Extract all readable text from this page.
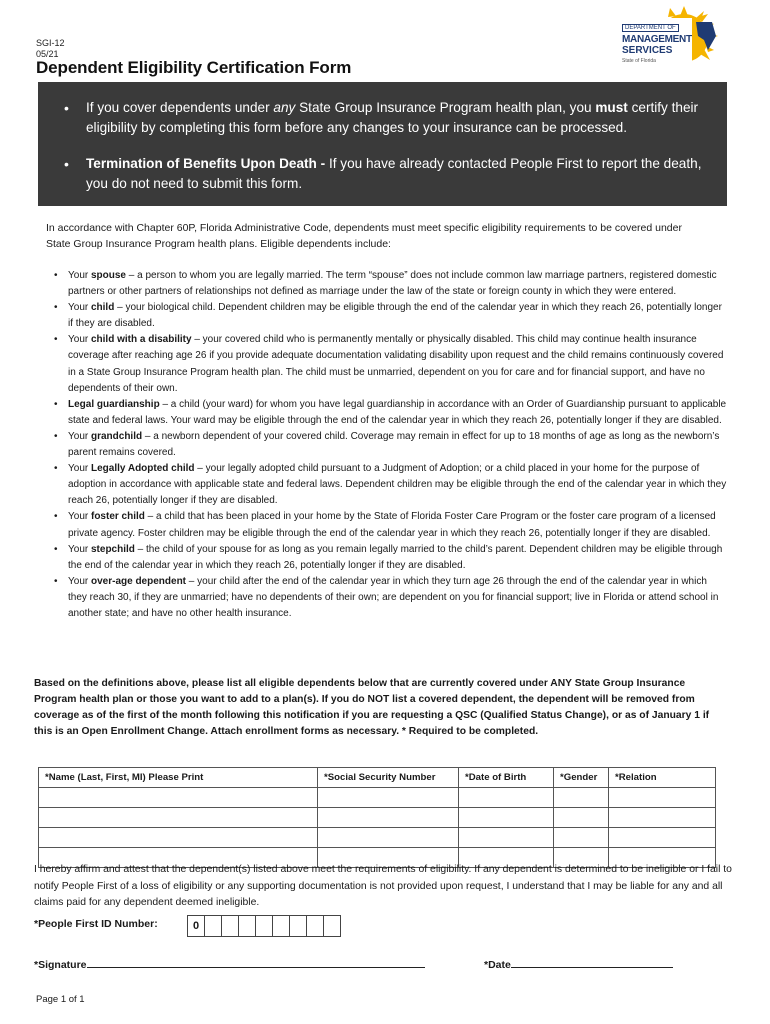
SGI-12
05/21
Dependent Eligibility Certification Form
DEPARTMENT OF
MANAGEMENT
SERVICES
State of Florida
• If you cover dependents under any State Group Insurance Program health plan, you must certify their eligibility by completing this form before any changes to your insurance can be processed.
• Termination of Benefits Upon Death - If you have already contacted People First to report the death, you do not need to submit this form.
In accordance with Chapter 60P, Florida Administrative Code, dependents must meet specific eligibility requirements to be covered under State Group Insurance Program health plans. Eligible dependents include:
• Your spouse – a person to whom you are legally married. The term “spouse” does not include common law marriage partners, registered domestic partners or other partners of relationships not defined as marriage under the law of the state or foreign county in which they were entered.
• Your child – your biological child. Dependent children may be eligible through the end of the calendar year in which they reach 26, potentially longer if they are disabled.
• Your child with a disability – your covered child who is permanently mentally or physically disabled. This child may continue health insurance coverage after reaching age 26 if you provide adequate documentation validating disability upon request and the child remains continuously covered in a State Group Insurance Program health plan. The child must be unmarried, dependent on you for care and for financial support, and have no dependents of their own.
• Legal guardianship – a child (your ward) for whom you have legal guardianship in accordance with an Order of Guardianship pursuant to applicable state and federal laws. Your ward may be eligible through the end of the calendar year in which they reach 26, potentially longer if they are disabled.
• Your grandchild – a newborn dependent of your covered child. Coverage may remain in effect for up to 18 months of age as long as the newborn’s parent remains covered.
• Your Legally Adopted child – your legally adopted child pursuant to a Judgment of Adoption; or a child placed in your home for the purpose of adoption in accordance with applicable state and federal laws. Dependent children may be eligible through the end of the calendar year in which they reach 26, potentially longer if they are disabled.
• Your foster child – a child that has been placed in your home by the State of Florida Foster Care Program or the foster care program of a licensed private agency. Foster children may be eligible through the end of the calendar year in which they reach 26, potentially longer if they are disabled.
• Your stepchild – the child of your spouse for as long as you remain legally married to the child’s parent. Dependent children may be eligible through the end of the calendar year in which they reach 26, potentially longer if they are disabled.
• Your over-age dependent – your child after the end of the calendar year in which they turn age 26 through the end of the calendar year in which they reach 30, if they are unmarried; have no dependents of their own; are dependent on you for financial support; live in Florida or attend school in another state; and have no other health insurance.
Based on the definitions above, please list all eligible dependents below that are currently covered under ANY State Group Insurance Program health plan or those you want to add to a plan(s). If you do NOT list a covered dependent, the dependent will be removed from coverage as of the first of the month following this notification if you are requesting a QSC (Qualified Status Change), or as of January 1 if this is an Open Enrollment Change. Attach enrollment forms as necessary. * Required to be completed.
*Name (Last, First, MI) Please Print	*Social Security Number	*Date of Birth	*Gender	*Relation

I hereby affirm and attest that the dependent(s) listed above meet the requirements of eligibility. If any dependent is determined to be ineligible or I fail to notify People First of a loss of eligibility or any supporting documentation is not provided upon request, I understand that I may be liable for any and all claims paid for any dependent deemed ineligible.
*People First ID Number:	0
*Signature	*Date
Page 1 of 1
